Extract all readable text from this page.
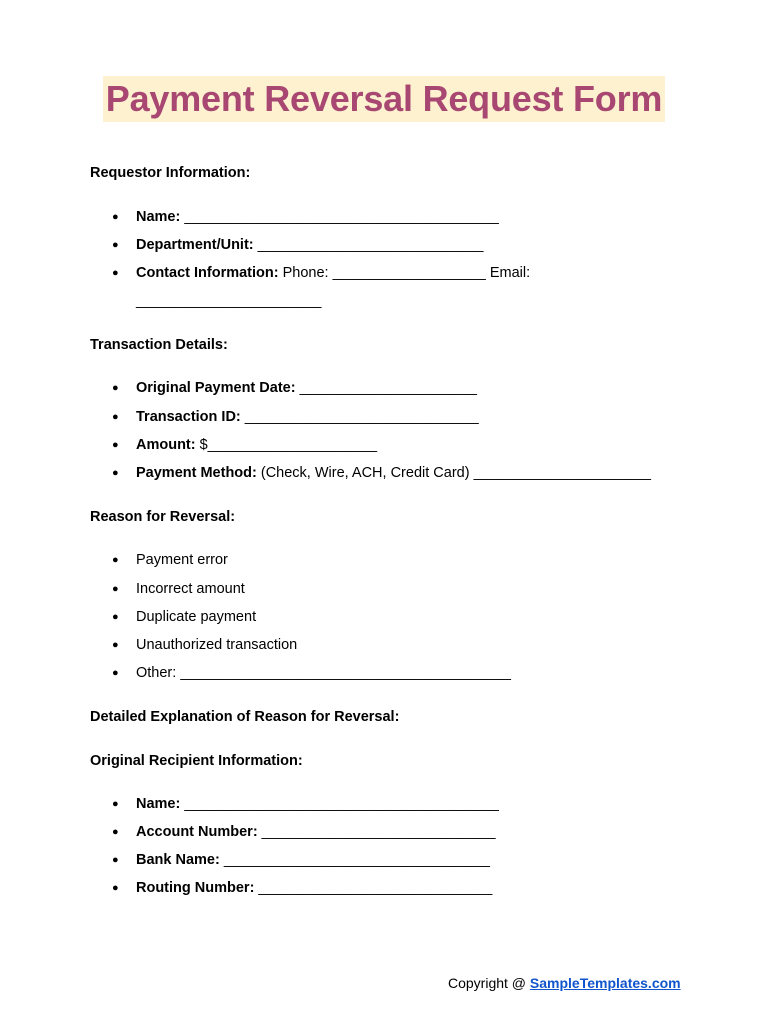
Payment Reversal Request Form
Requestor Information:
● Name: _______________________________________
● Department/Unit: ____________________________
● Contact Information: Phone: ___________________ Email:
_______________________
Transaction Details:
● Original Payment Date: ______________________
● Transaction ID: _____________________________
● Amount: $_____________________
● Payment Method: (Check, Wire, ACH, Credit Card) ______________________
Reason for Reversal:
● Payment error
● Incorrect amount
● Duplicate payment
● Unauthorized transaction
● Other: _________________________________________
Detailed Explanation of Reason for Reversal:
Original Recipient Information:
● Name: _______________________________________
● Account Number: _____________________________
● Bank Name: _________________________________
● Routing Number: _____________________________
Copyright @ SampleTemplates.com
